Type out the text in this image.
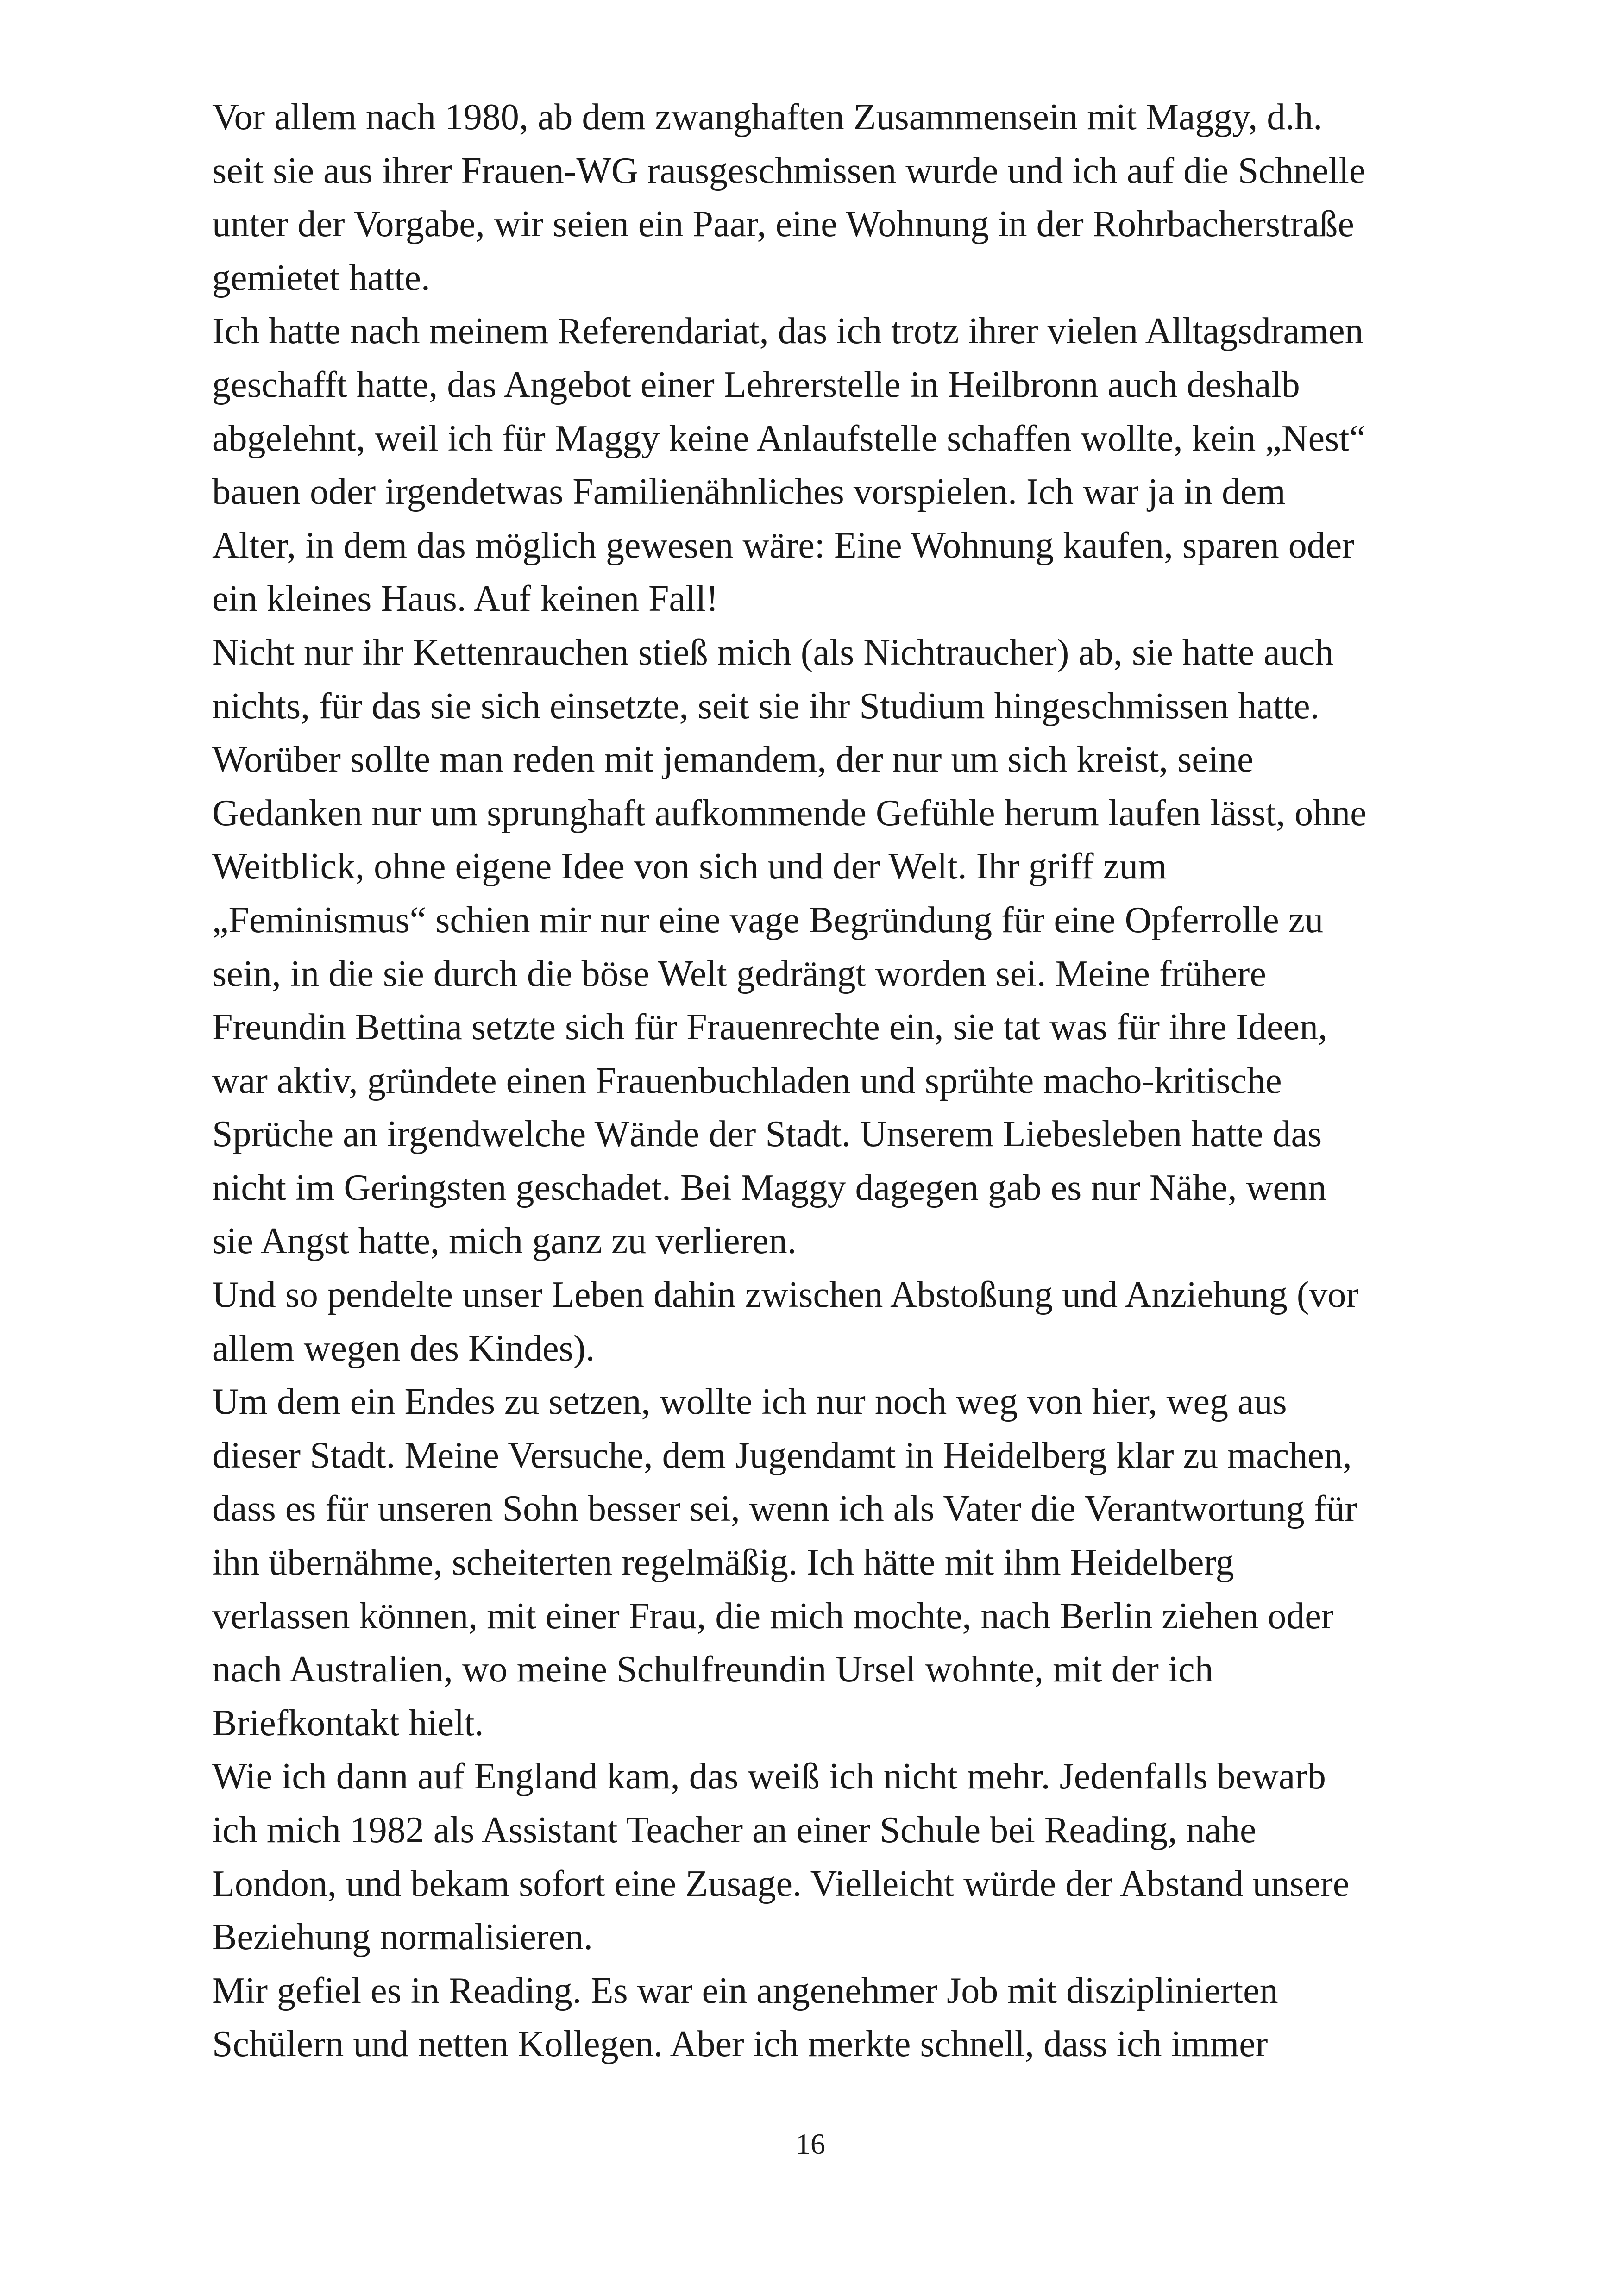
Vor allem nach 1980, ab dem zwanghaften Zusammensein mit Maggy, d.h.
seit sie aus ihrer Frauen-WG rausgeschmissen wurde und ich auf die Schnelle
unter der Vorgabe, wir seien ein Paar, eine Wohnung in der Rohrbacherstraße
gemietet hatte.
Ich hatte nach meinem Referendariat, das ich trotz ihrer vielen Alltagsdramen
geschafft hatte, das Angebot einer Lehrerstelle in Heilbronn auch deshalb
abgelehnt, weil ich für Maggy keine Anlaufstelle schaffen wollte, kein „Nest“
bauen oder irgendetwas Familienähnliches vorspielen. Ich war ja in dem
Alter, in dem das möglich gewesen wäre: Eine Wohnung kaufen, sparen oder
ein kleines Haus. Auf keinen Fall!
Nicht nur ihr Kettenrauchen stieß mich (als Nichtraucher) ab, sie hatte auch
nichts, für das sie sich einsetzte, seit sie ihr Studium hingeschmissen hatte.
Worüber sollte man reden mit jemandem, der nur um sich kreist, seine
Gedanken nur um sprunghaft aufkommende Gefühle herum laufen lässt, ohne
Weitblick, ohne eigene Idee von sich und der Welt. Ihr griff zum
„Feminismus“ schien mir nur eine vage Begründung für eine Opferrolle zu
sein, in die sie durch die böse Welt gedrängt worden sei. Meine frühere
Freundin Bettina setzte sich für Frauenrechte ein, sie tat was für ihre Ideen,
war aktiv, gründete einen Frauenbuchladen und sprühte macho-kritische
Sprüche an irgendwelche Wände der Stadt. Unserem Liebesleben hatte das
nicht im Geringsten geschadet. Bei Maggy dagegen gab es nur Nähe, wenn
sie Angst hatte, mich ganz zu verlieren.
Und so pendelte unser Leben dahin zwischen Abstoßung und Anziehung (vor
allem wegen des Kindes).
Um dem ein Endes zu setzen, wollte ich nur noch weg von hier, weg aus
dieser Stadt. Meine Versuche, dem Jugendamt in Heidelberg klar zu machen,
dass es für unseren Sohn besser sei, wenn ich als Vater die Verantwortung für
ihn übernähme, scheiterten regelmäßig. Ich hätte mit ihm Heidelberg
verlassen können, mit einer Frau, die mich mochte, nach Berlin ziehen oder
nach Australien, wo meine Schulfreundin Ursel wohnte, mit der ich
Briefkontakt hielt.
Wie ich dann auf England kam, das weiß ich nicht mehr. Jedenfalls bewarb
ich mich 1982 als Assistant Teacher an einer Schule bei Reading, nahe
London, und bekam sofort eine Zusage. Vielleicht würde der Abstand unsere
Beziehung normalisieren.
Mir gefiel es in Reading. Es war ein angenehmer Job mit disziplinierten
Schülern und netten Kollegen. Aber ich merkte schnell, dass ich immer
16
